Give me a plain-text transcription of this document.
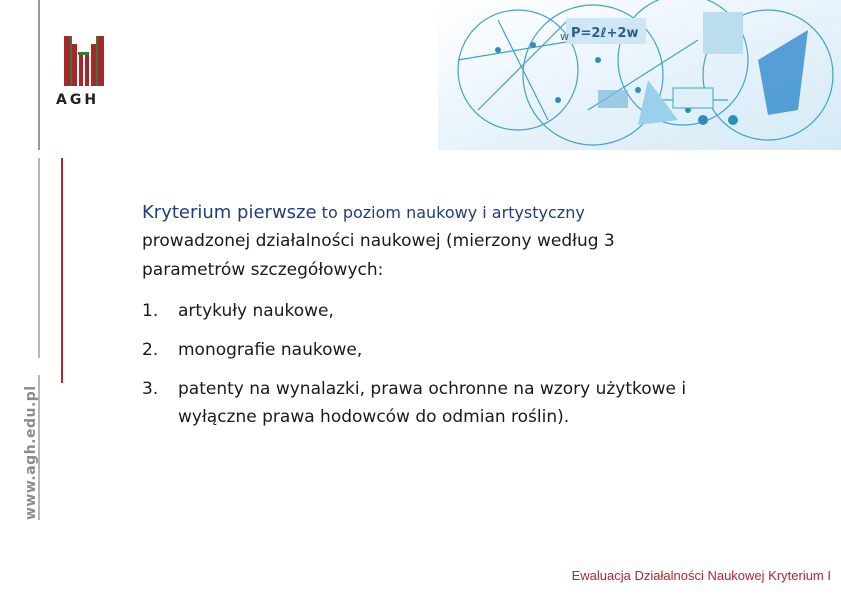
AGH
www.agh.edu.pl
P=2ℓ+2w
w
Kryterium pierwsze to poziom naukowy i artystyczny

prowadzonej działalności naukowej (mierzony według 3

parametrów szczegółowych:

1.	artykuły naukowe,
2.	monografie naukowe,
3.	patenty na wynalazki, prawa ochronne na wzory użytkowe i wyłączne prawa hodowców do odmian roślin).
Ewaluacja Działalności Naukowej Kryterium I
